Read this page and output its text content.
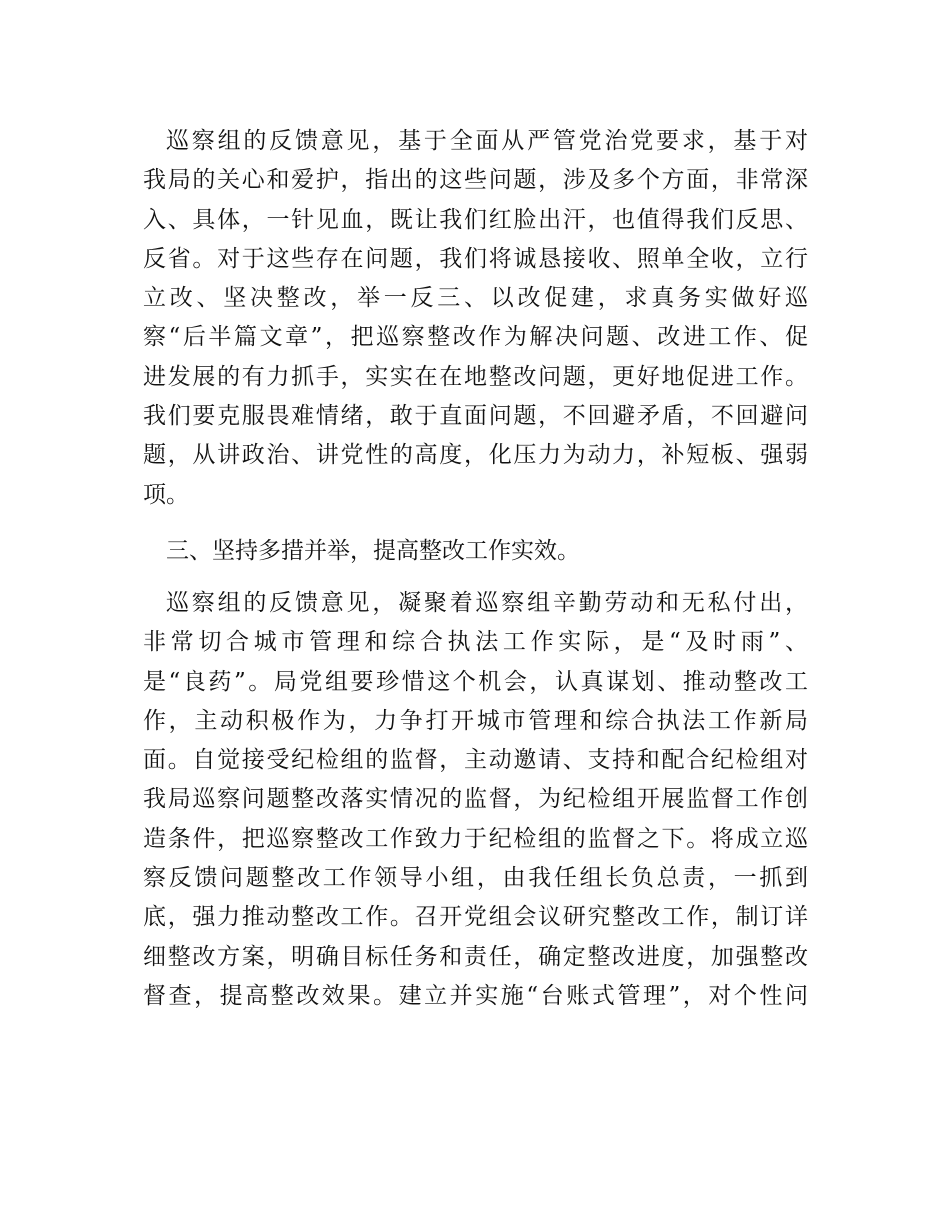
巡察组的反馈意见，基于全面从严管党治党要求，基于对
我局的关心和爱护，指出的这些问题，涉及多个方面，非常深
入、具体，一针见血，既让我们红脸出汗，也值得我们反思、
反省。对于这些存在问题，我们将诚恳接收、照单全收，立行
立改、坚决整改，举一反三、以改促建，求真务实做好巡
察“后半篇文章”，把巡察整改作为解决问题、改进工作、促
进发展的有力抓手，实实在在地整改问题，更好地促进工作。
我们要克服畏难情绪，敢于直面问题，不回避矛盾，不回避问
题，从讲政治、讲党性的高度，化压力为动力，补短板、强弱
项。
三、坚持多措并举，提高整改工作实效。
巡察组的反馈意见，凝聚着巡察组辛勤劳动和无私付出，
非常切合城市管理和综合执法工作实际，是“及时雨”、
是“良药”。局党组要珍惜这个机会，认真谋划、推动整改工
作，主动积极作为，力争打开城市管理和综合执法工作新局
面。自觉接受纪检组的监督，主动邀请、支持和配合纪检组对
我局巡察问题整改落实情况的监督，为纪检组开展监督工作创
造条件，把巡察整改工作致力于纪检组的监督之下。将成立巡
察反馈问题整改工作领导小组，由我任组长负总责，一抓到
底，强力推动整改工作。召开党组会议研究整改工作，制订详
细整改方案，明确目标任务和责任，确定整改进度，加强整改
督查，提高整改效果。建立并实施“台账式管理”，对个性问
